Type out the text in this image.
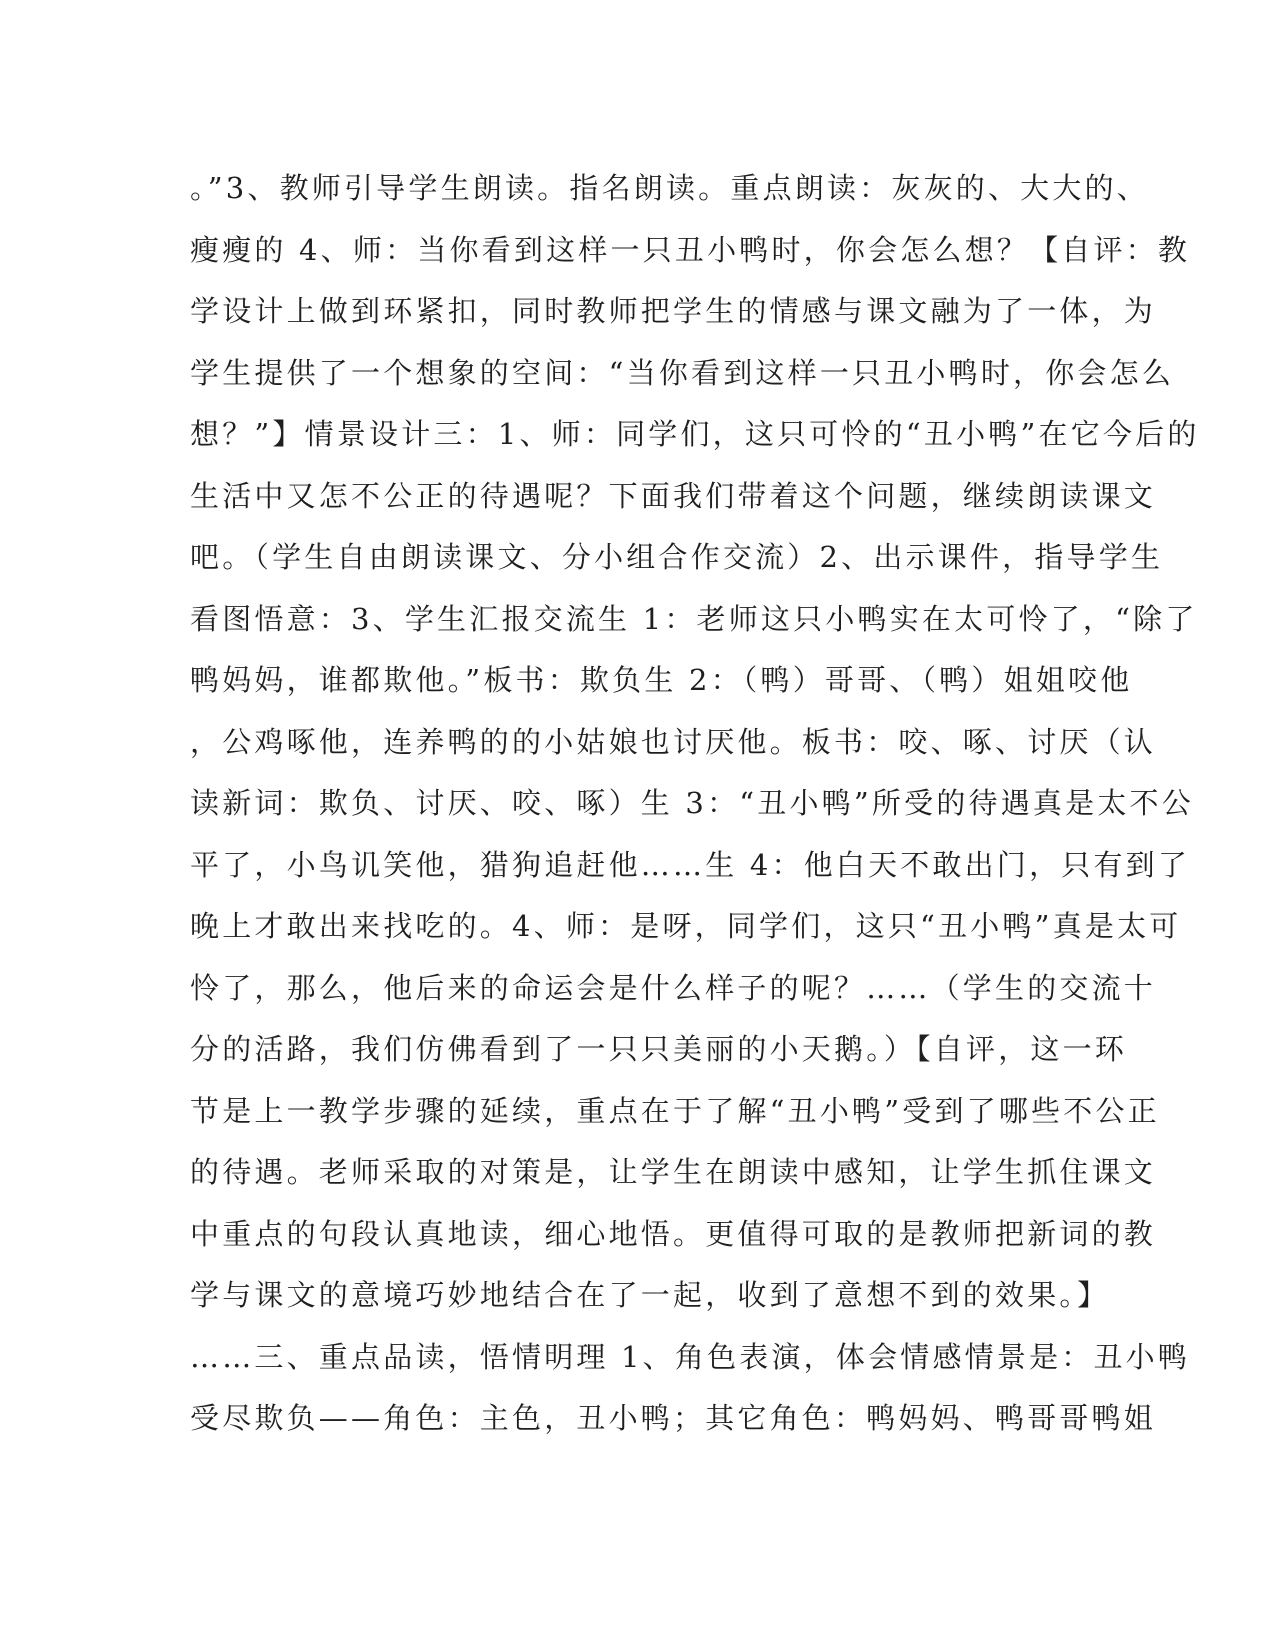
。”3、教师引导学生朗读。指名朗读。重点朗读：灰灰的、大大的、
瘦瘦的 4、师：当你看到这样一只丑小鸭时，你会怎么想？【自评：教
学设计上做到环紧扣，同时教师把学生的情感与课文融为了一体，为
学生提供了一个想象的空间：“当你看到这样一只丑小鸭时，你会怎么
想？”】情景设计三：1、师：同学们，这只可怜的“丑小鸭”在它今后的
生活中又怎不公正的待遇呢？下面我们带着这个问题，继续朗读课文
吧。（学生自由朗读课文、分小组合作交流）2、出示课件，指导学生
看图悟意：3、学生汇报交流生 1：老师这只小鸭实在太可怜了，“除了
鸭妈妈，谁都欺他。”板书：欺负生 2：（鸭）哥哥、（鸭）姐姐咬他
，公鸡啄他，连养鸭的的小姑娘也讨厌他。板书：咬、啄、讨厌（认
读新词：欺负、讨厌、咬、啄）生 3：“丑小鸭”所受的待遇真是太不公
平了，小鸟讥笑他，猎狗追赶他……生 4：他白天不敢出门，只有到了
晚上才敢出来找吃的。4、师：是呀，同学们，这只“丑小鸭”真是太可
怜了，那么，他后来的命运会是什么样子的呢？……（学生的交流十
分的活路，我们仿佛看到了一只只美丽的小天鹅。）【自评，这一环
节是上一教学步骤的延续，重点在于了解“丑小鸭”受到了哪些不公正
的待遇。老师采取的对策是，让学生在朗读中感知，让学生抓住课文
中重点的句段认真地读，细心地悟。更值得可取的是教师把新词的教
学与课文的意境巧妙地结合在了一起，收到了意想不到的效果。】
……三、重点品读，悟情明理 1、角色表演，体会情感情景是：丑小鸭
受尽欺负——角色：主色，丑小鸭；其它角色：鸭妈妈、鸭哥哥鸭姐
